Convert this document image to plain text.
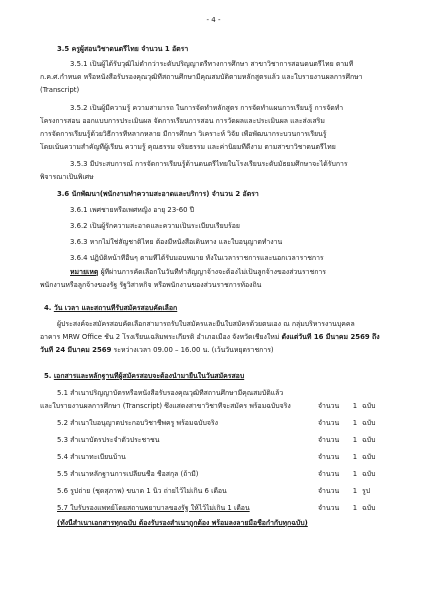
- 4 -
3.5 ครูผู้สอนวิชาดนตรีไทย จำนวน 1 อัตรา
3.5.1 เป็นผู้ได้รับวุฒิไม่ต่ำกว่าระดับปริญญาตรีทางการศึกษา สาขาวิชาการสอนดนตรีไทย ตามที่
ก.ค.ศ.กำหนด หรือหนังสือรับรองคุณวุฒิที่สถานศึกษามีคุณสมบัติตามหลักสูตรแล้ว และใบรายงานผลการศึกษา
(Transcript)
3.5.2 เป็นผู้มีความรู้ ความสามารถ ในการจัดทำหลักสูตร การจัดทำแผนการเรียนรู้ การจัดทำ
โครงการสอน ออกแบบการประเมินผล จัดการเรียนการสอน การวัดผลและประเมินผล และส่งเสริม
การจัดการเรียนรู้ด้วยวิธีการที่หลากหลาย มีการศึกษา วิเคราะห์ วิจัย เพื่อพัฒนากระบวนการเรียนรู้
โดยเน้นความสำคัญที่ผู้เรียน ความรู้ คุณธรรม จริยธรรม และค่านิยมที่ดีงาม ตามสาขาวิชาดนตรีไทย
3.5.3 มีประสบการณ์ การจัดการเรียนรู้ด้านดนตรีไทยในโรงเรียนระดับมัธยมศึกษาจะได้รับการ
พิจารณาเป็นพิเศษ
3.6 นักพัฒนา(พนักงานทำความสะอาดและบริการ) จำนวน 2 อัตรา
3.6.1 เพศชายหรือเพศหญิง อายุ 23-60 ปี
3.6.2 เป็นผู้รักความสะอาดและความเป็นระเบียบเรียบร้อย
3.6.3 หากไม่ใช่สัญชาติไทย ต้องมีหนังสือเดินทาง และใบอนุญาตทำงาน
3.6.4 ปฏิบัติหน้าที่อื่นๆ ตามที่ได้รับมอบหมาย ทั้งในเวลาราชการและนอกเวลาราชการ
หมายเหตุ ผู้ที่ผ่านการคัดเลือกในวันที่ทำสัญญาจ้างจะต้องไม่เป็นลูกจ้างของส่วนราชการ
พนักงานหรือลูกจ้างของรัฐ รัฐวิสาหกิจ หรือพนักงานของส่วนราชการท้องถิ่น
4. วัน เวลา และสถานที่รับสมัครสอบคัดเลือก
ผู้ประสงค์จะสมัครสอบคัดเลือกสามารถรับใบสมัครและยื่นใบสมัครด้วยตนเอง ณ กลุ่มบริหารงานบุคคล
อาคาร MRW Office ชั้น 2 โรงเรียนเฉลิมพระเกียรติ อำเภอเมือง จังหวัดเชียงใหม่ ตั้งแต่วันที่ 16 มีนาคม 2569 ถึง
วันที่ 24 มีนาคม 2569 ระหว่างเวลา 09.00 – 16.00 น. (เว้นวันหยุดราชการ)
5. เอกสารและหลักฐานที่ผู้สมัครสอบจะต้องนำมายื่นในวันสมัครสอบ
5.1 สำเนาปริญญาบัตรหรือหนังสือรับรองคุณวุฒิที่สถานศึกษามีคุณสมบัติแล้ว
และใบรายงานผลการศึกษา (Transcript) ซึ่งแสดงสาขาวิชาที่จะสมัคร พร้อมฉบับจริง	จำนวน 1 ฉบับ
5.2 สำเนาใบอนุญาตประกอบวิชาชีพครู พร้อมฉบับจริง	จำนวน 1 ฉบับ
5.3 สำเนาบัตรประจำตัวประชาชน	จำนวน 1 ฉบับ
5.4 สำเนาทะเบียนบ้าน	จำนวน 1 ฉบับ
5.5 สำเนาหลักฐานการเปลี่ยนชื่อ ชื่อสกุล (ถ้ามี)	จำนวน 1 ฉบับ
5.6 รูปถ่าย (ชุดสุภาพ) ขนาด 1 นิ้ว ถ่ายไว้ไม่เกิน 6 เดือน	จำนวน 1 รูป
5.7 ใบรับรองแพทย์โดยสถานพยาบาลของรัฐ ให้ไว้ไม่เกิน 1 เดือน	จำนวน 1 ฉบับ
(ทั้งนี้สำเนาเอกสารทุกฉบับ ต้องรับรองสำเนาถูกต้อง พร้อมลงลายมือชื่อกำกับทุกฉบับ)
